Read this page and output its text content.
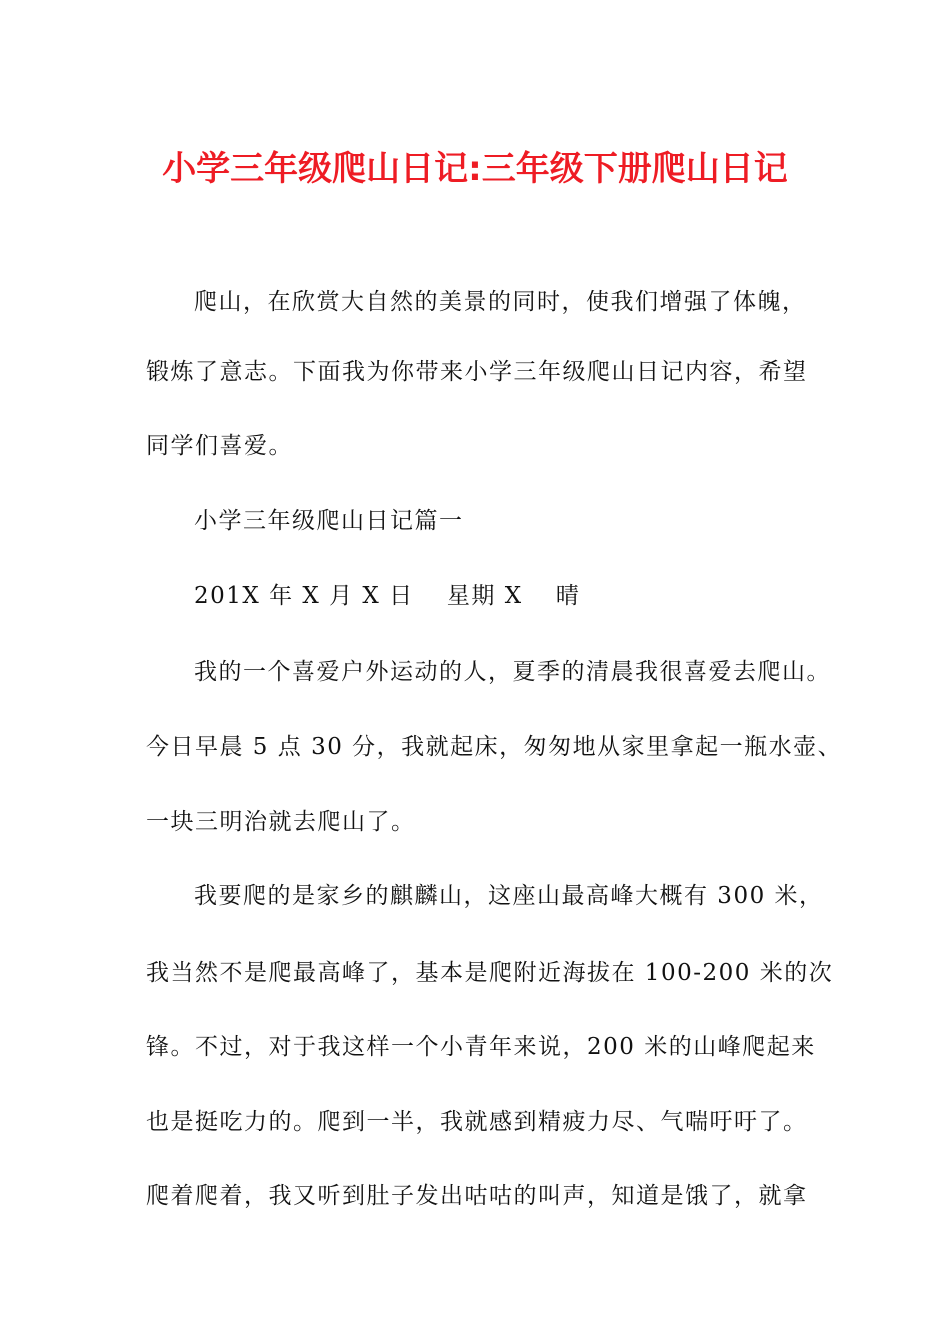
小学三年级爬山日记:三年级下册爬山日记

爬山，在欣赏大自然的美景的同时，使我们增强了体魄，

锻炼了意志。下面我为你带来小学三年级爬山日记内容，希望

同学们喜爱。

小学三年级爬山日记篇一

201X 年 X 月 X 日　 星期 X　 晴

我的一个喜爱户外运动的人，夏季的清晨我很喜爱去爬山。

今日早晨 5 点 30 分，我就起床，匆匆地从家里拿起一瓶水壶、

一块三明治就去爬山了。

我要爬的是家乡的麒麟山，这座山最高峰大概有 300 米，

我当然不是爬最高峰了，基本是爬附近海拔在 100-200 米的次

锋。不过，对于我这样一个小青年来说，200 米的山峰爬起来

也是挺吃力的。爬到一半，我就感到精疲力尽、气喘吁吁了。

爬着爬着，我又听到肚子发出咕咕的叫声，知道是饿了，就拿
